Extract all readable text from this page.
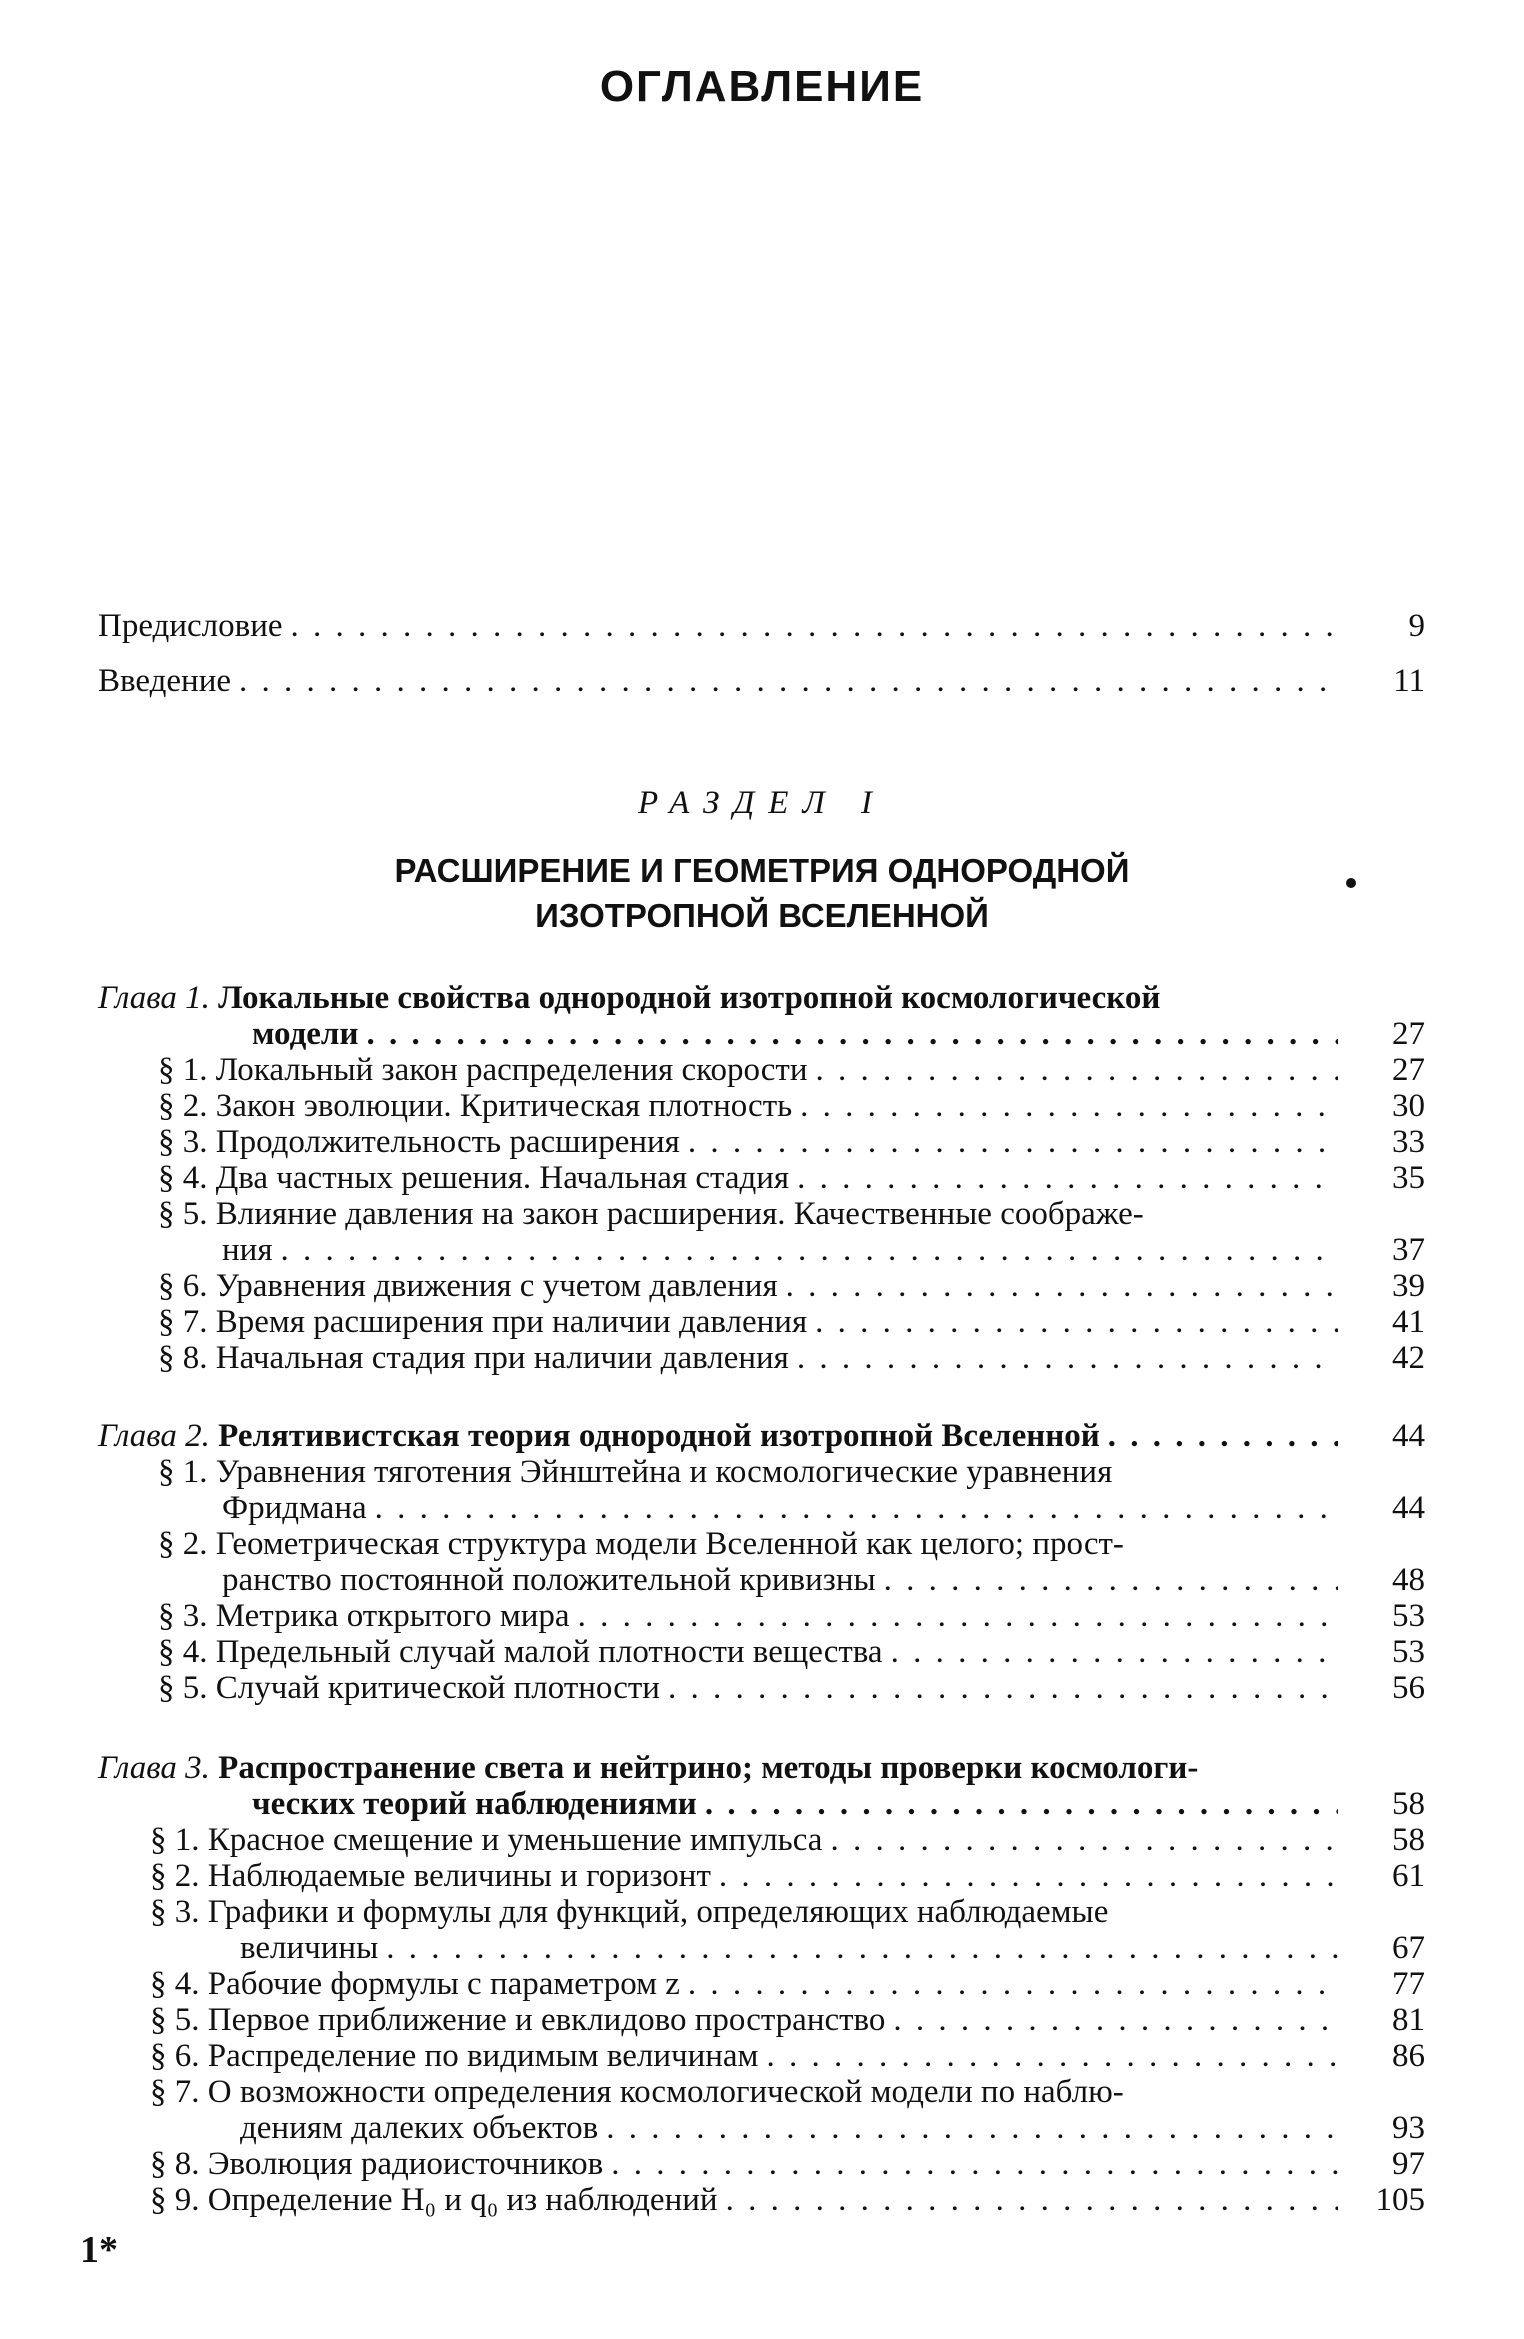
ОГЛАВЛЕНИЕ
Предисловие . . .	9
Введение . . .	11
РАЗДЕЛ I
РАСШИРЕНИЕ И ГЕОМЕТРИЯ ОДНОРОДНОЙ
ИЗОТРОПНОЙ ВСЕЛЕННОЙ
Глава 1. Локальные свойства однородной изотропной космологической
модели . . .	27
§ 1. Локальный закон распределения скорости . . .	27
§ 2. Закон эволюции. Критическая плотность . . .	30
§ 3. Продолжительность расширения . . .	33
§ 4. Два частных решения. Начальная стадия . . .	35
§ 5. Влияние давления на закон расширения. Качественные соображе-
ния . . .	37
§ 6. Уравнения движения с учетом давления . . .	39
§ 7. Время расширения при наличии давления . . .	41
§ 8. Начальная стадия при наличии давления . . .	42
Глава 2. Релятивистская теория однородной изотропной Вселенной . . .	44
§ 1. Уравнения тяготения Эйнштейна и космологические уравнения
Фридмана . . .	44
§ 2. Геометрическая структура модели Вселенной как целого; прост-
ранство постоянной положительной кривизны . . .	48
§ 3. Метрика открытого мира . . .	53
§ 4. Предельный случай малой плотности вещества . . .	53
§ 5. Случай критической плотности . . .	56
Глава 3. Распространение света и нейтрино; методы проверки космологи-
ческих теорий наблюдениями . . .	58
§ 1. Красное смещение и уменьшение импульса . . .	58
§ 2. Наблюдаемые величины и горизонт . . .	61
§ 3. Графики и формулы для функций, определяющих наблюдаемые
величины . . .	67
§ 4. Рабочие формулы с параметром z . . .	77
§ 5. Первое приближение и евклидово пространство . . .	81
§ 6. Распределение по видимым величинам . . .	86
§ 7. О возможности определения космологической модели по наблю-
дениям далеких объектов . . .	93
§ 8. Эволюция радиоисточников . . .	97
§ 9. Определение H₀ и q₀ из наблюдений . . .	105
1*
